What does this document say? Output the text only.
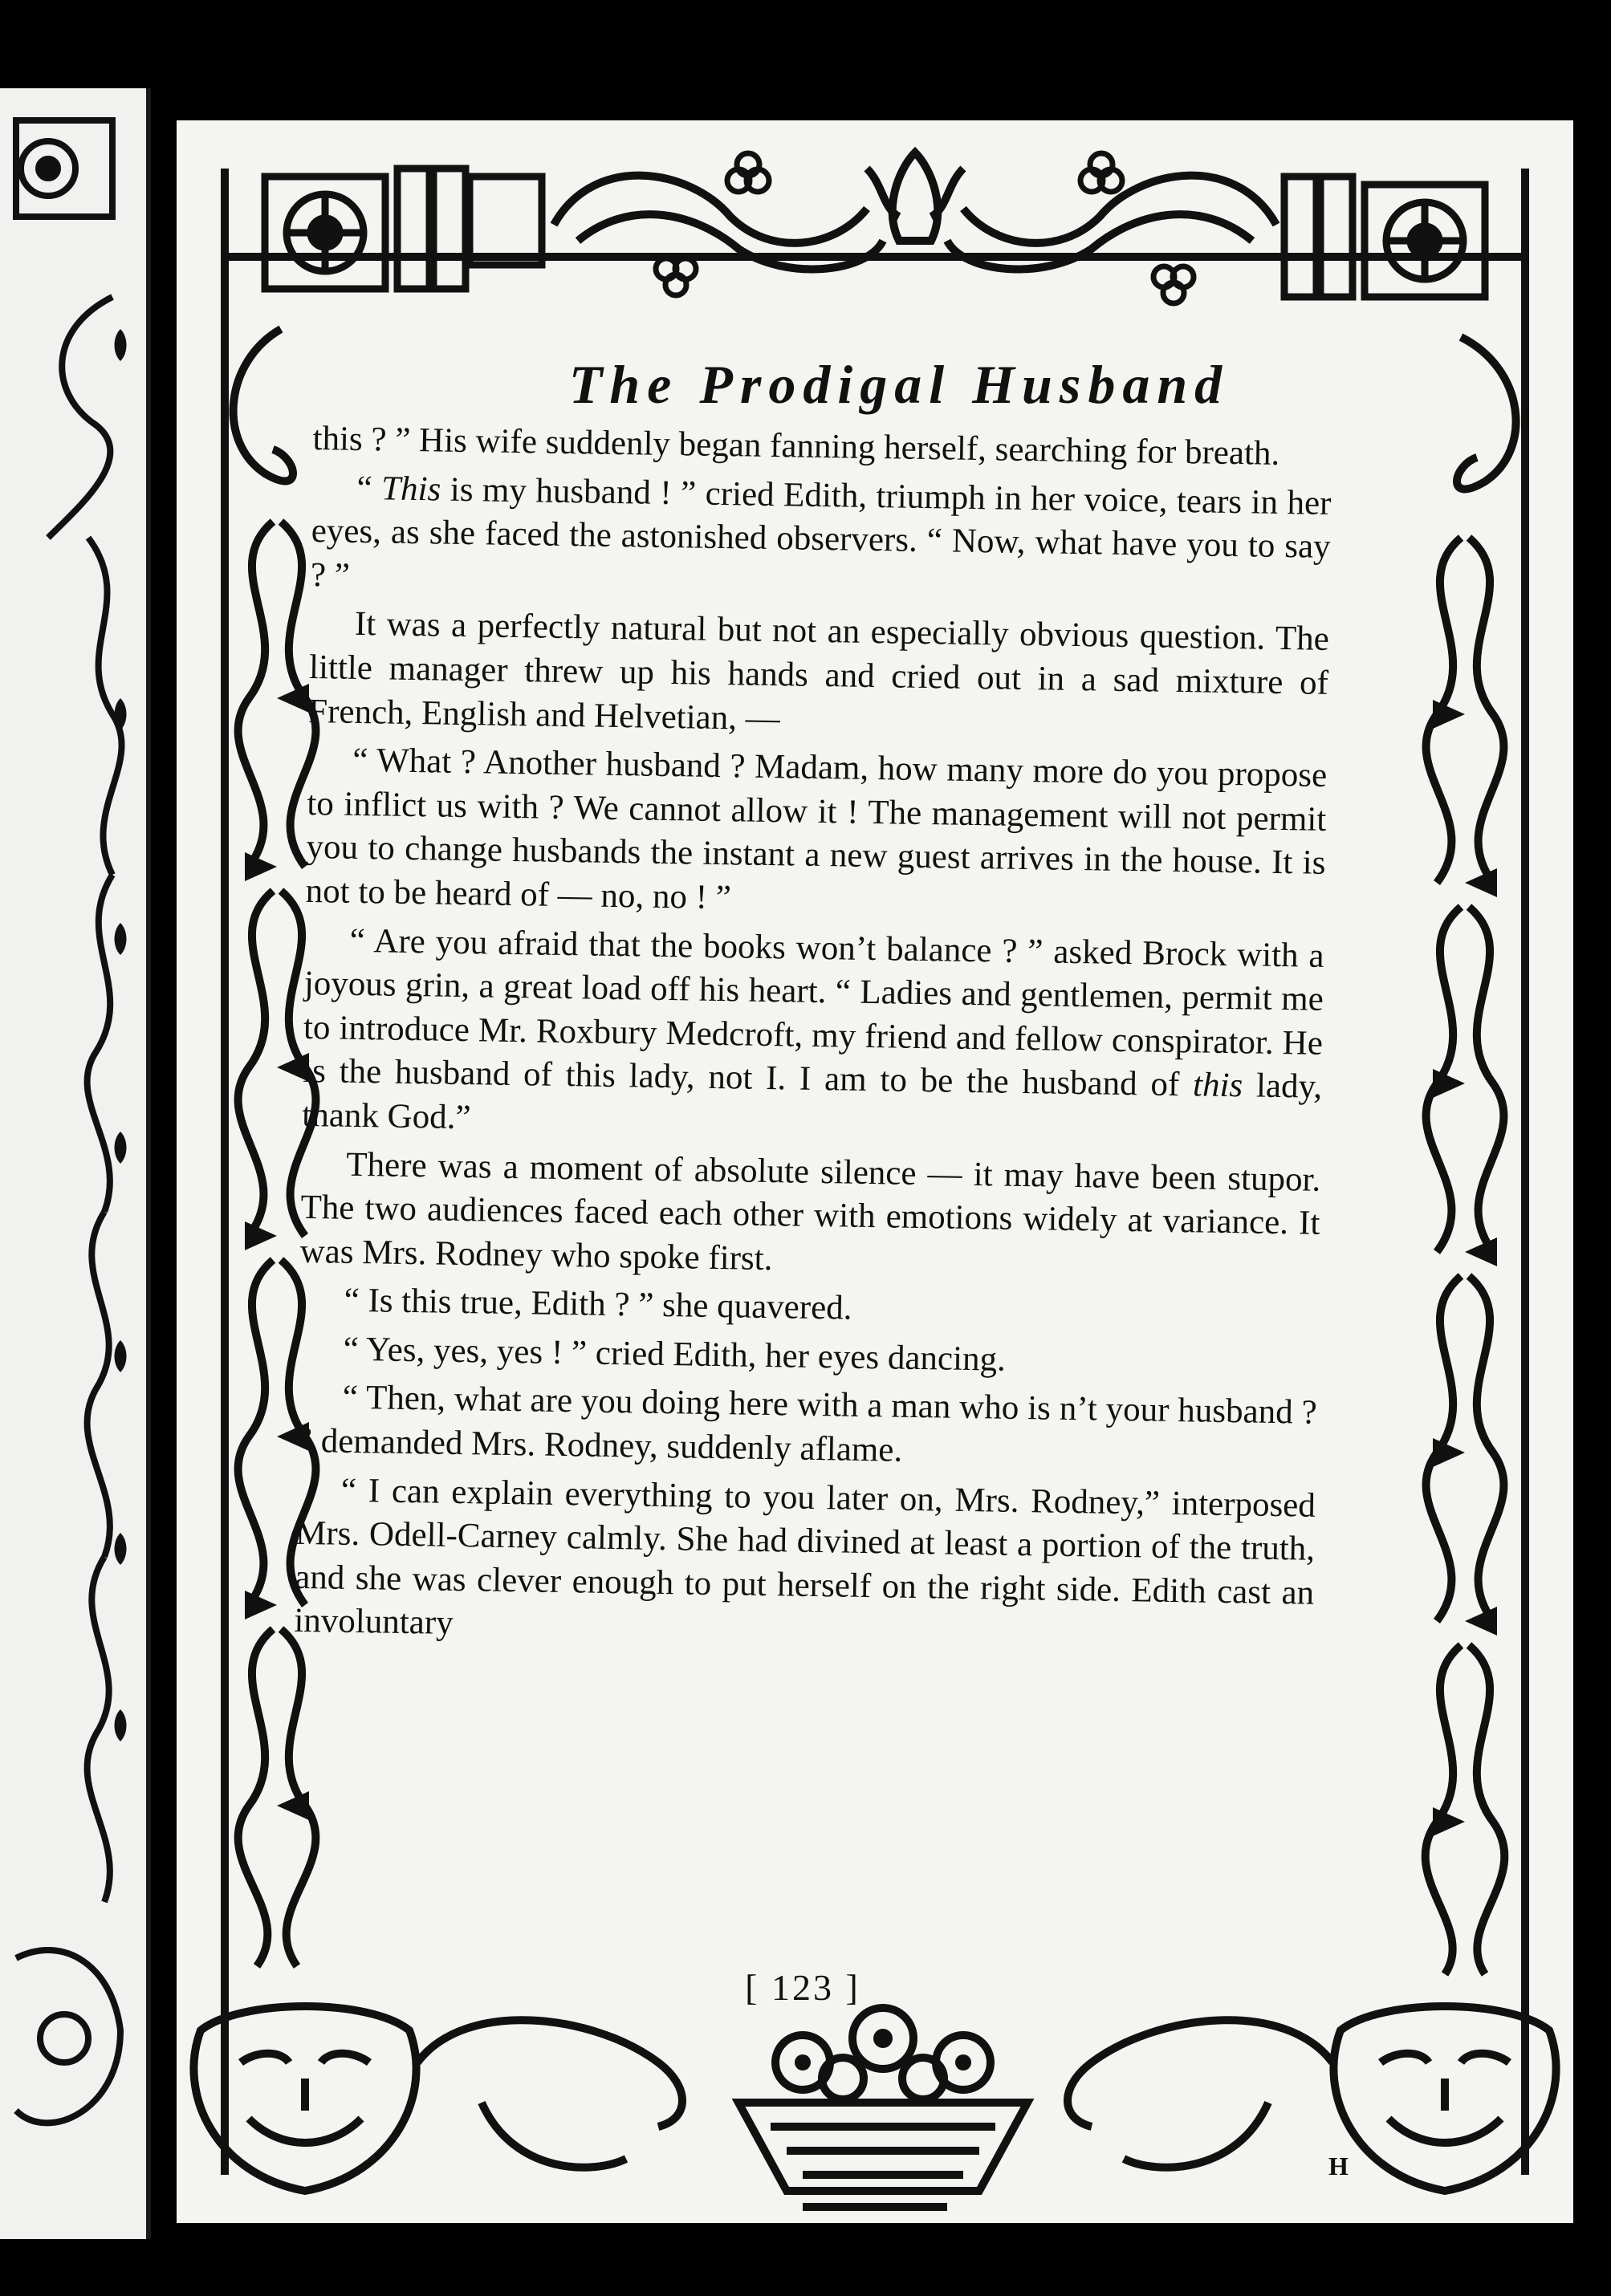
H
The Prodigal Husband

this ? ” His wife suddenly began fanning herself, searching for breath.

“ This is my husband ! ” cried Edith, triumph in her voice, tears in her eyes, as she faced the astonished observers. “ Now, what have you to say ? ”

It was a perfectly natural but not an especially obvious question. The little manager threw up his hands and cried out in a sad mixture of French, English and Helvetian, —

“ What ? Another husband ? Madam, how many more do you propose to inflict us with ? We cannot allow it ! The management will not permit you to change husbands the instant a new guest arrives in the house. It is not to be heard of — no, no ! ”

“ Are you afraid that the books won’t balance ? ” asked Brock with a joyous grin, a great load off his heart. “ Ladies and gentlemen, permit me to introduce Mr. Roxbury Medcroft, my friend and fellow conspirator. He is the husband of this lady, not I. I am to be the husband of this lady, thank God.”

There was a moment of absolute silence — it may have been stupor. The two audiences faced each other with emotions widely at variance. It was Mrs. Rodney who spoke first.

“ Is this true, Edith ? ” she quavered.

“ Yes, yes, yes ! ” cried Edith, her eyes dancing.

“ Then, what are you doing here with a man who is n’t your husband ? ” demanded Mrs. Rodney, suddenly aflame.

“ I can explain everything to you later on, Mrs. Rodney,” interposed Mrs. Odell-Carney calmly. She had divined at least a portion of the truth, and she was clever enough to put herself on the right side. Edith cast an involuntary

[ 123 ]
